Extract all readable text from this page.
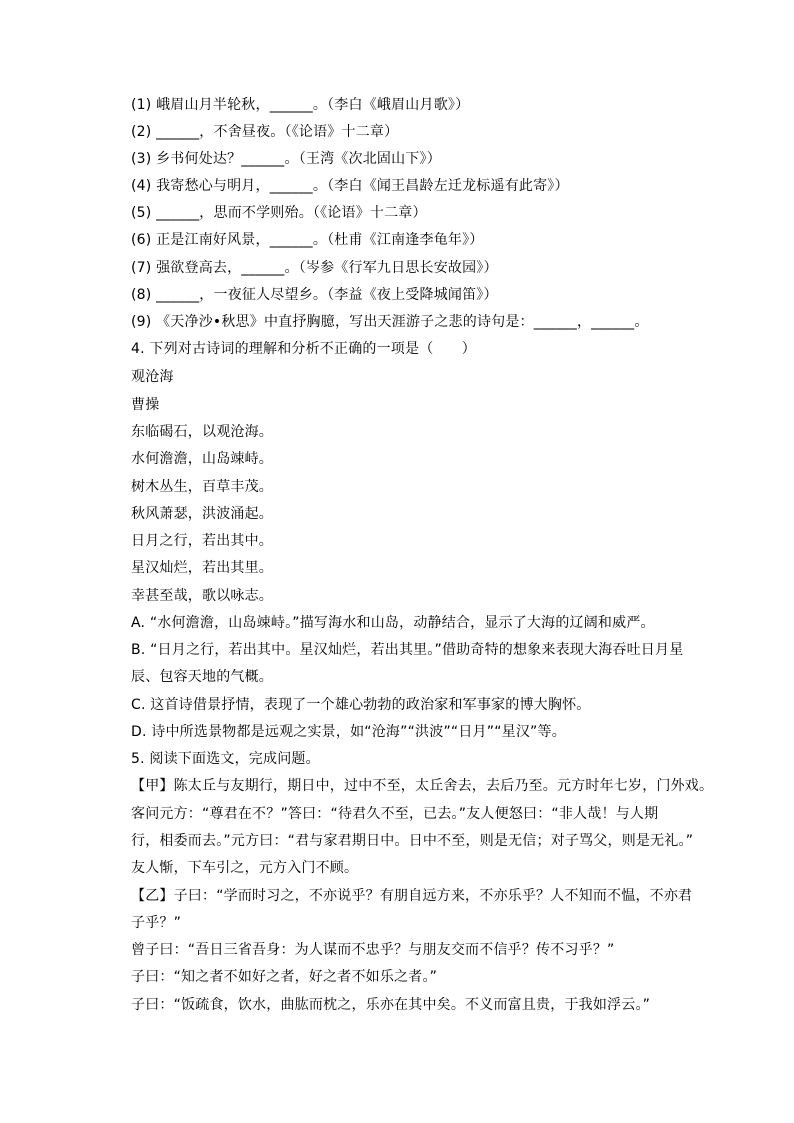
(1) 峨眉山月半轮秋，______。（李白《峨眉山月歌》）
(2) ______，不舍昼夜。（《论语》十二章）
(3) 乡书何处达？______。（王湾《次北固山下》）
(4) 我寄愁心与明月，______。（李白《闻王昌龄左迁龙标遥有此寄》）
(5) ______，思而不学则殆。（《论语》十二章）
(6) 正是江南好风景，______。（杜甫《江南逢李龟年》）
(7) 强欲登高去，______。（岑参《行军九日思长安故园》）
(8) ______，一夜征人尽望乡。（李益《夜上受降城闻笛》）
(9) 《天净沙•秋思》中直抒胸臆，写出天涯游子之悲的诗句是：______，______。
4. 下列对古诗词的理解和分析不正确的一项是（　　）
观沧海
曹操
东临碣石，以观沧海。
水何澹澹，山岛竦峙。
树木丛生，百草丰茂。
秋风萧瑟，洪波涌起。
日月之行，若出其中。
星汉灿烂，若出其里。
幸甚至哉，歌以咏志。
A. “水何澹澹，山岛竦峙。”描写海水和山岛，动静结合，显示了大海的辽阔和威严。
B. “日月之行，若出其中。星汉灿烂，若出其里。”借助奇特的想象来表现大海吞吐日月星
辰、包容天地的气概。
C. 这首诗借景抒情，表现了一个雄心勃勃的政治家和军事家的博大胸怀。
D. 诗中所选景物都是远观之实景，如“沧海”“洪波”“日月”“星汉”等。
5. 阅读下面选文，完成问题。
【甲】陈太丘与友期行，期日中，过中不至，太丘舍去，去后乃至。元方时年七岁，门外戏。
客问元方：“尊君在不？”答曰：“待君久不至，已去。”友人便怒曰：“非人哉！与人期
行，相委而去。”元方曰：“君与家君期日中。日中不至，则是无信；对子骂父，则是无礼。”
友人惭，下车引之，元方入门不顾。
【乙】子曰：“学而时习之，不亦说乎？有朋自远方来，不亦乐乎？人不知而不愠，不亦君
子乎？”
曾子曰：“吾日三省吾身：为人谋而不忠乎？与朋友交而不信乎？传不习乎？”
子曰：“知之者不如好之者，好之者不如乐之者。”
子曰：“饭疏食，饮水，曲肱而枕之，乐亦在其中矣。不义而富且贵，于我如浮云。”
